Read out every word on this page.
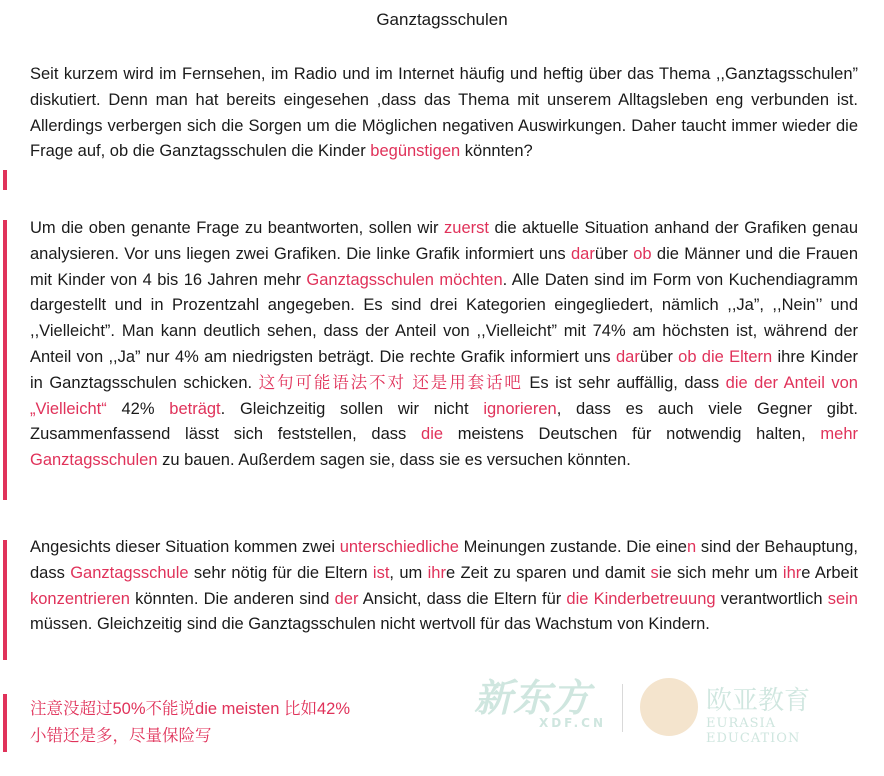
Ganztagsschulen
Seit kurzem wird im Fernsehen, im Radio und im Internet häufig und heftig über das Thema ,,Ganztagsschulen” diskutiert. Denn man hat bereits eingesehen ,dass das Thema mit unserem Alltagsleben eng verbunden ist. Allerdings verbergen sich die Sorgen um die Möglichen negativen Auswirkungen. Daher taucht immer wieder die Frage auf, ob die Ganztagsschulen die Kinder begünstigen könnten?
Um die oben genante Frage zu beantworten, sollen wir zuerst die aktuelle Situation anhand der Grafiken genau analysieren. Vor uns liegen zwei Grafiken. Die linke Grafik informiert uns darüber ob die Männer und die Frauen mit Kinder von 4 bis 16 Jahren mehr Ganztagsschulen möchten. Alle Daten sind im Form von Kuchendiagramm dargestellt und in Prozentzahl angegeben. Es sind drei Kategorien eingegliedert, nämlich ,,Ja”, ,,Nein’’ und ,,Vielleicht”. Man kann deutlich sehen, dass der Anteil von ,,Vielleicht” mit 74% am höchsten ist, während der Anteil von ,,Ja” nur 4% am niedrigsten beträgt. Die rechte Grafik informiert uns darüber ob die Eltern ihre Kinder in Ganztagsschulen schicken. 这句可能语法不对 还是用套话吧 Es ist sehr auffällig, dass die der Anteil von „Vielleicht“ 42% beträgt. Gleichzeitig sollen wir nicht ignorieren, dass es auch viele Gegner gibt. Zusammenfassend lässt sich feststellen, dass die meistens Deutschen für notwendig halten, mehr Ganztagsschulen zu bauen. Außerdem sagen sie, dass sie es versuchen könnten.
Angesichts dieser Situation kommen zwei unterschiedliche Meinungen zustande. Die einen sind der Behauptung, dass Ganztagsschule sehr nötig für die Eltern ist, um ihre Zeit zu sparen und damit sie sich mehr um ihre Arbeit konzentrieren könnten. Die anderen sind der Ansicht, dass die Eltern für die Kinderbetreuung verantwortlich sein müssen. Gleichzeitig sind die Ganztagsschulen nicht wertvoll für das Wachstum von Kindern.
注意没超过50%不能说die meisten 比如42%
小错还是多，尽量保险写
新东方
XDF.CN
欧亚教育
EURASIA EDUCATION
